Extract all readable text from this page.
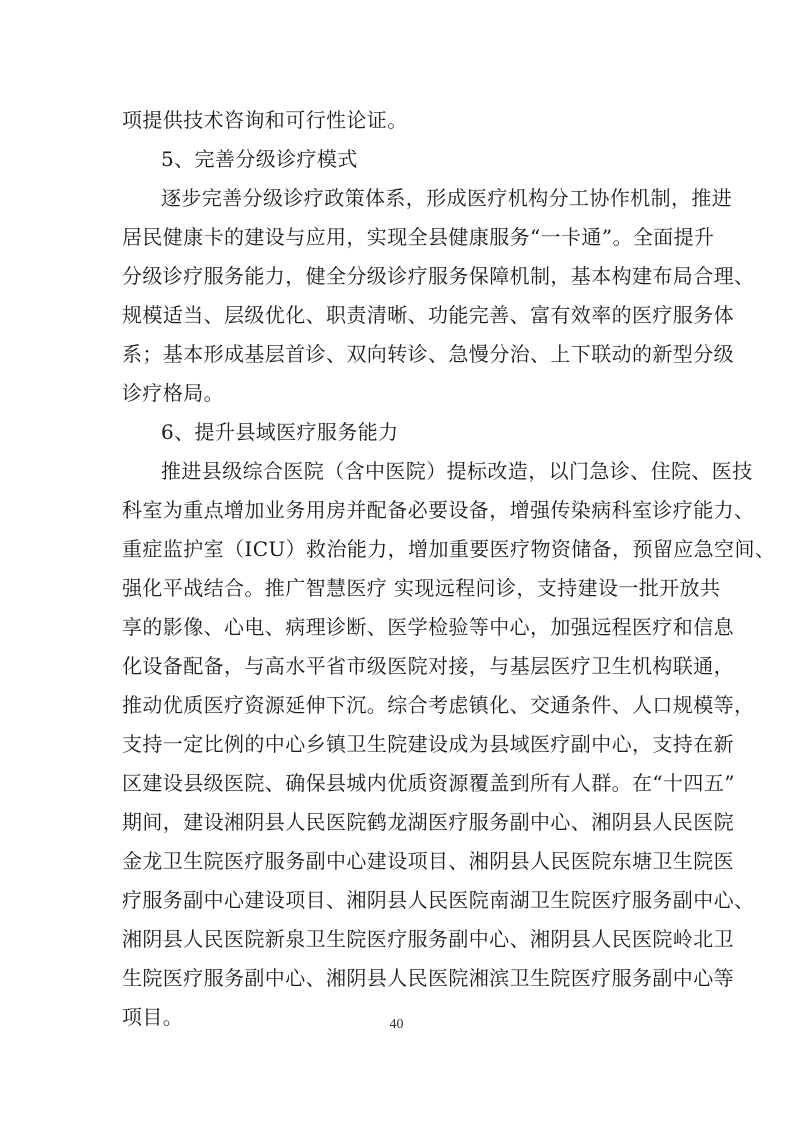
项提供技术咨询和可行性论证。
5、完善分级诊疗模式
逐步完善分级诊疗政策体系，形成医疗机构分工协作机制，推进
居民健康卡的建设与应用，实现全县健康服务“一卡通”。全面提升
分级诊疗服务能力，健全分级诊疗服务保障机制，基本构建布局合理、
规模适当、层级优化、职责清晰、功能完善、富有效率的医疗服务体
系；基本形成基层首诊、双向转诊、急慢分治、上下联动的新型分级
诊疗格局。
6、提升县域医疗服务能力
推进县级综合医院（含中医院）提标改造，以门急诊、住院、医技
科室为重点增加业务用房并配备必要设备，增强传染病科室诊疗能力、
重症监护室（ICU）救治能力，增加重要医疗物资储备，预留应急空间、
强化平战结合。推广智慧医疗 实现远程问诊，支持建设一批开放共
享的影像、心电、病理诊断、医学检验等中心，加强远程医疗和信息
化设备配备，与高水平省市级医院对接，与基层医疗卫生机构联通，
推动优质医疗资源延伸下沉。综合考虑镇化、交通条件、人口规模等，
支持一定比例的中心乡镇卫生院建设成为县域医疗副中心，支持在新
区建设县级医院、确保县城内优质资源覆盖到所有人群。在“十四五”
期间，建设湘阴县人民医院鹤龙湖医疗服务副中心、湘阴县人民医院
金龙卫生院医疗服务副中心建设项目、湘阴县人民医院东塘卫生院医
疗服务副中心建设项目、湘阴县人民医院南湖卫生院医疗服务副中心、
湘阴县人民医院新泉卫生院医疗服务副中心、湘阴县人民医院岭北卫
生院医疗服务副中心、湘阴县人民医院湘滨卫生院医疗服务副中心等
项目。	40
